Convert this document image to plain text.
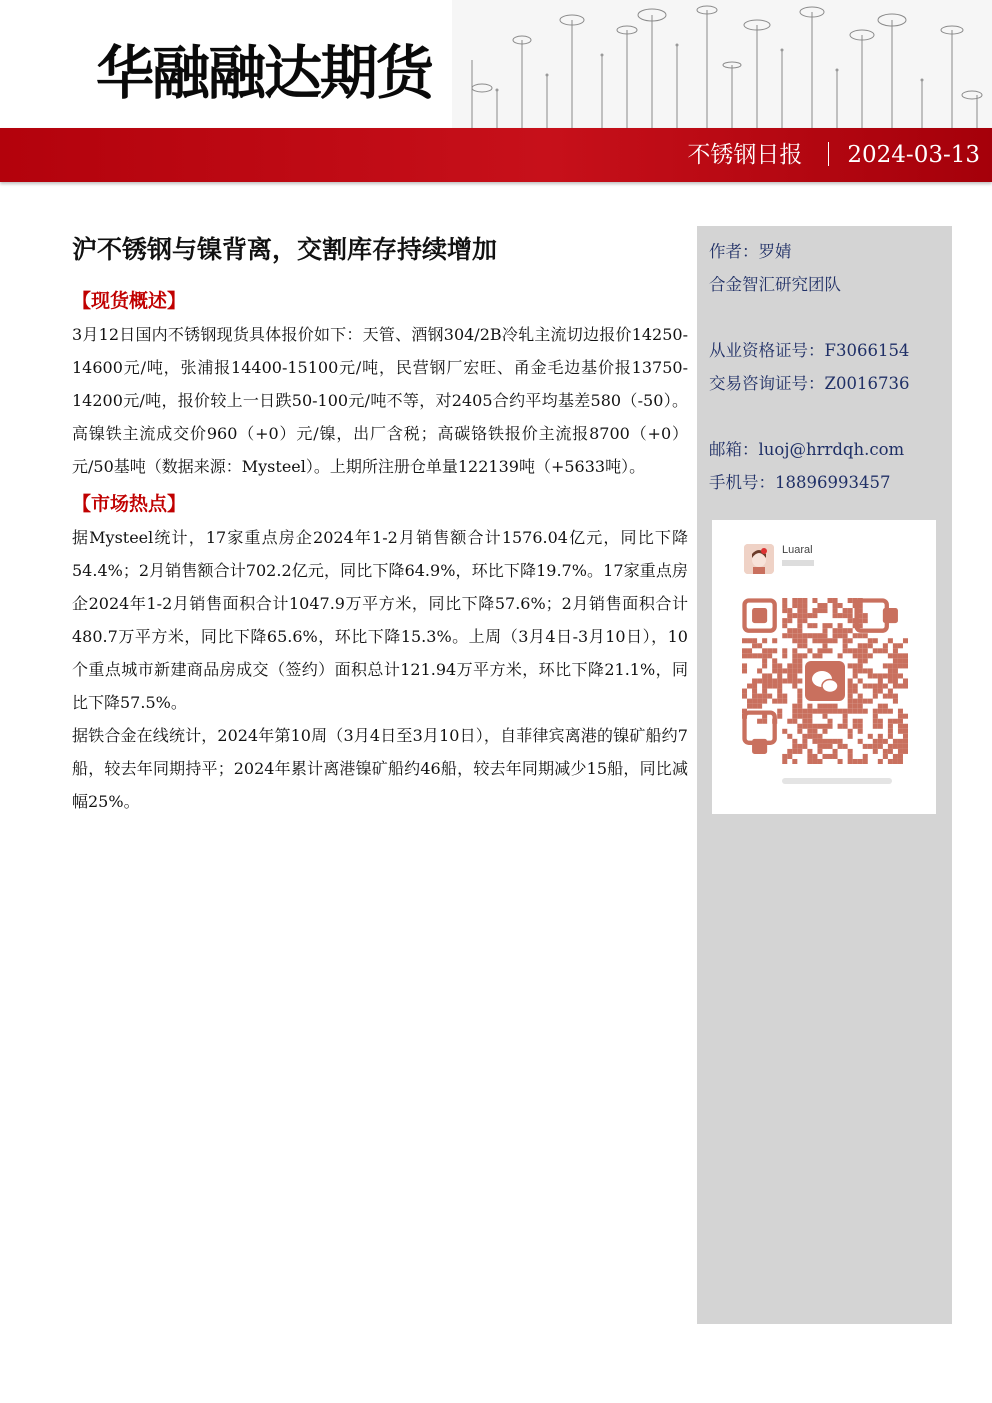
华融融达期货
不锈钢日报 2024-03-13
沪不锈钢与镍背离，交割库存持续增加
【现货概述】

3月12日国内不锈钢现货具体报价如下：天管、酒钢304/2B冷轧主流切边报价14250-14600元/吨，张浦报14400-15100元/吨，民营钢厂宏旺、甬金毛边基价报13750-14200元/吨，报价较上一日跌50-100元/吨不等，对2405合约平均基差580（-50）。高镍铁主流成交价960（+0）元/镍，出厂含税；高碳铬铁报价主流报8700（+0）元/50基吨（数据来源：Mysteel）。上期所注册仓单量122139吨（+5633吨）。

【市场热点】

据Mysteel统计，17家重点房企2024年1-2月销售额合计1576.04亿元，同比下降54.4%；2月销售额合计702.2亿元，同比下降64.9%，环比下降19.7%。17家重点房企2024年1-2月销售面积合计1047.9万平方米，同比下降57.6%；2月销售面积合计480.7万平方米，同比下降65.6%，环比下降15.3%。上周（3月4日-3月10日），10个重点城市新建商品房成交（签约）面积总计121.94万平方米，环比下降21.1%，同比下降57.5%。

据铁合金在线统计，2024年第10周（3月4日至3月10日），自菲律宾离港的镍矿船约7船，较去年同期持平；2024年累计离港镍矿船约46船，较去年同期减少15船，同比减幅25%。

作者：罗婧
合金智汇研究团队
从业资格证号：F3066154
交易咨询证号：Z0016736
邮箱：luoj@hrrdqh.com
手机号：18896993457
Luaral
